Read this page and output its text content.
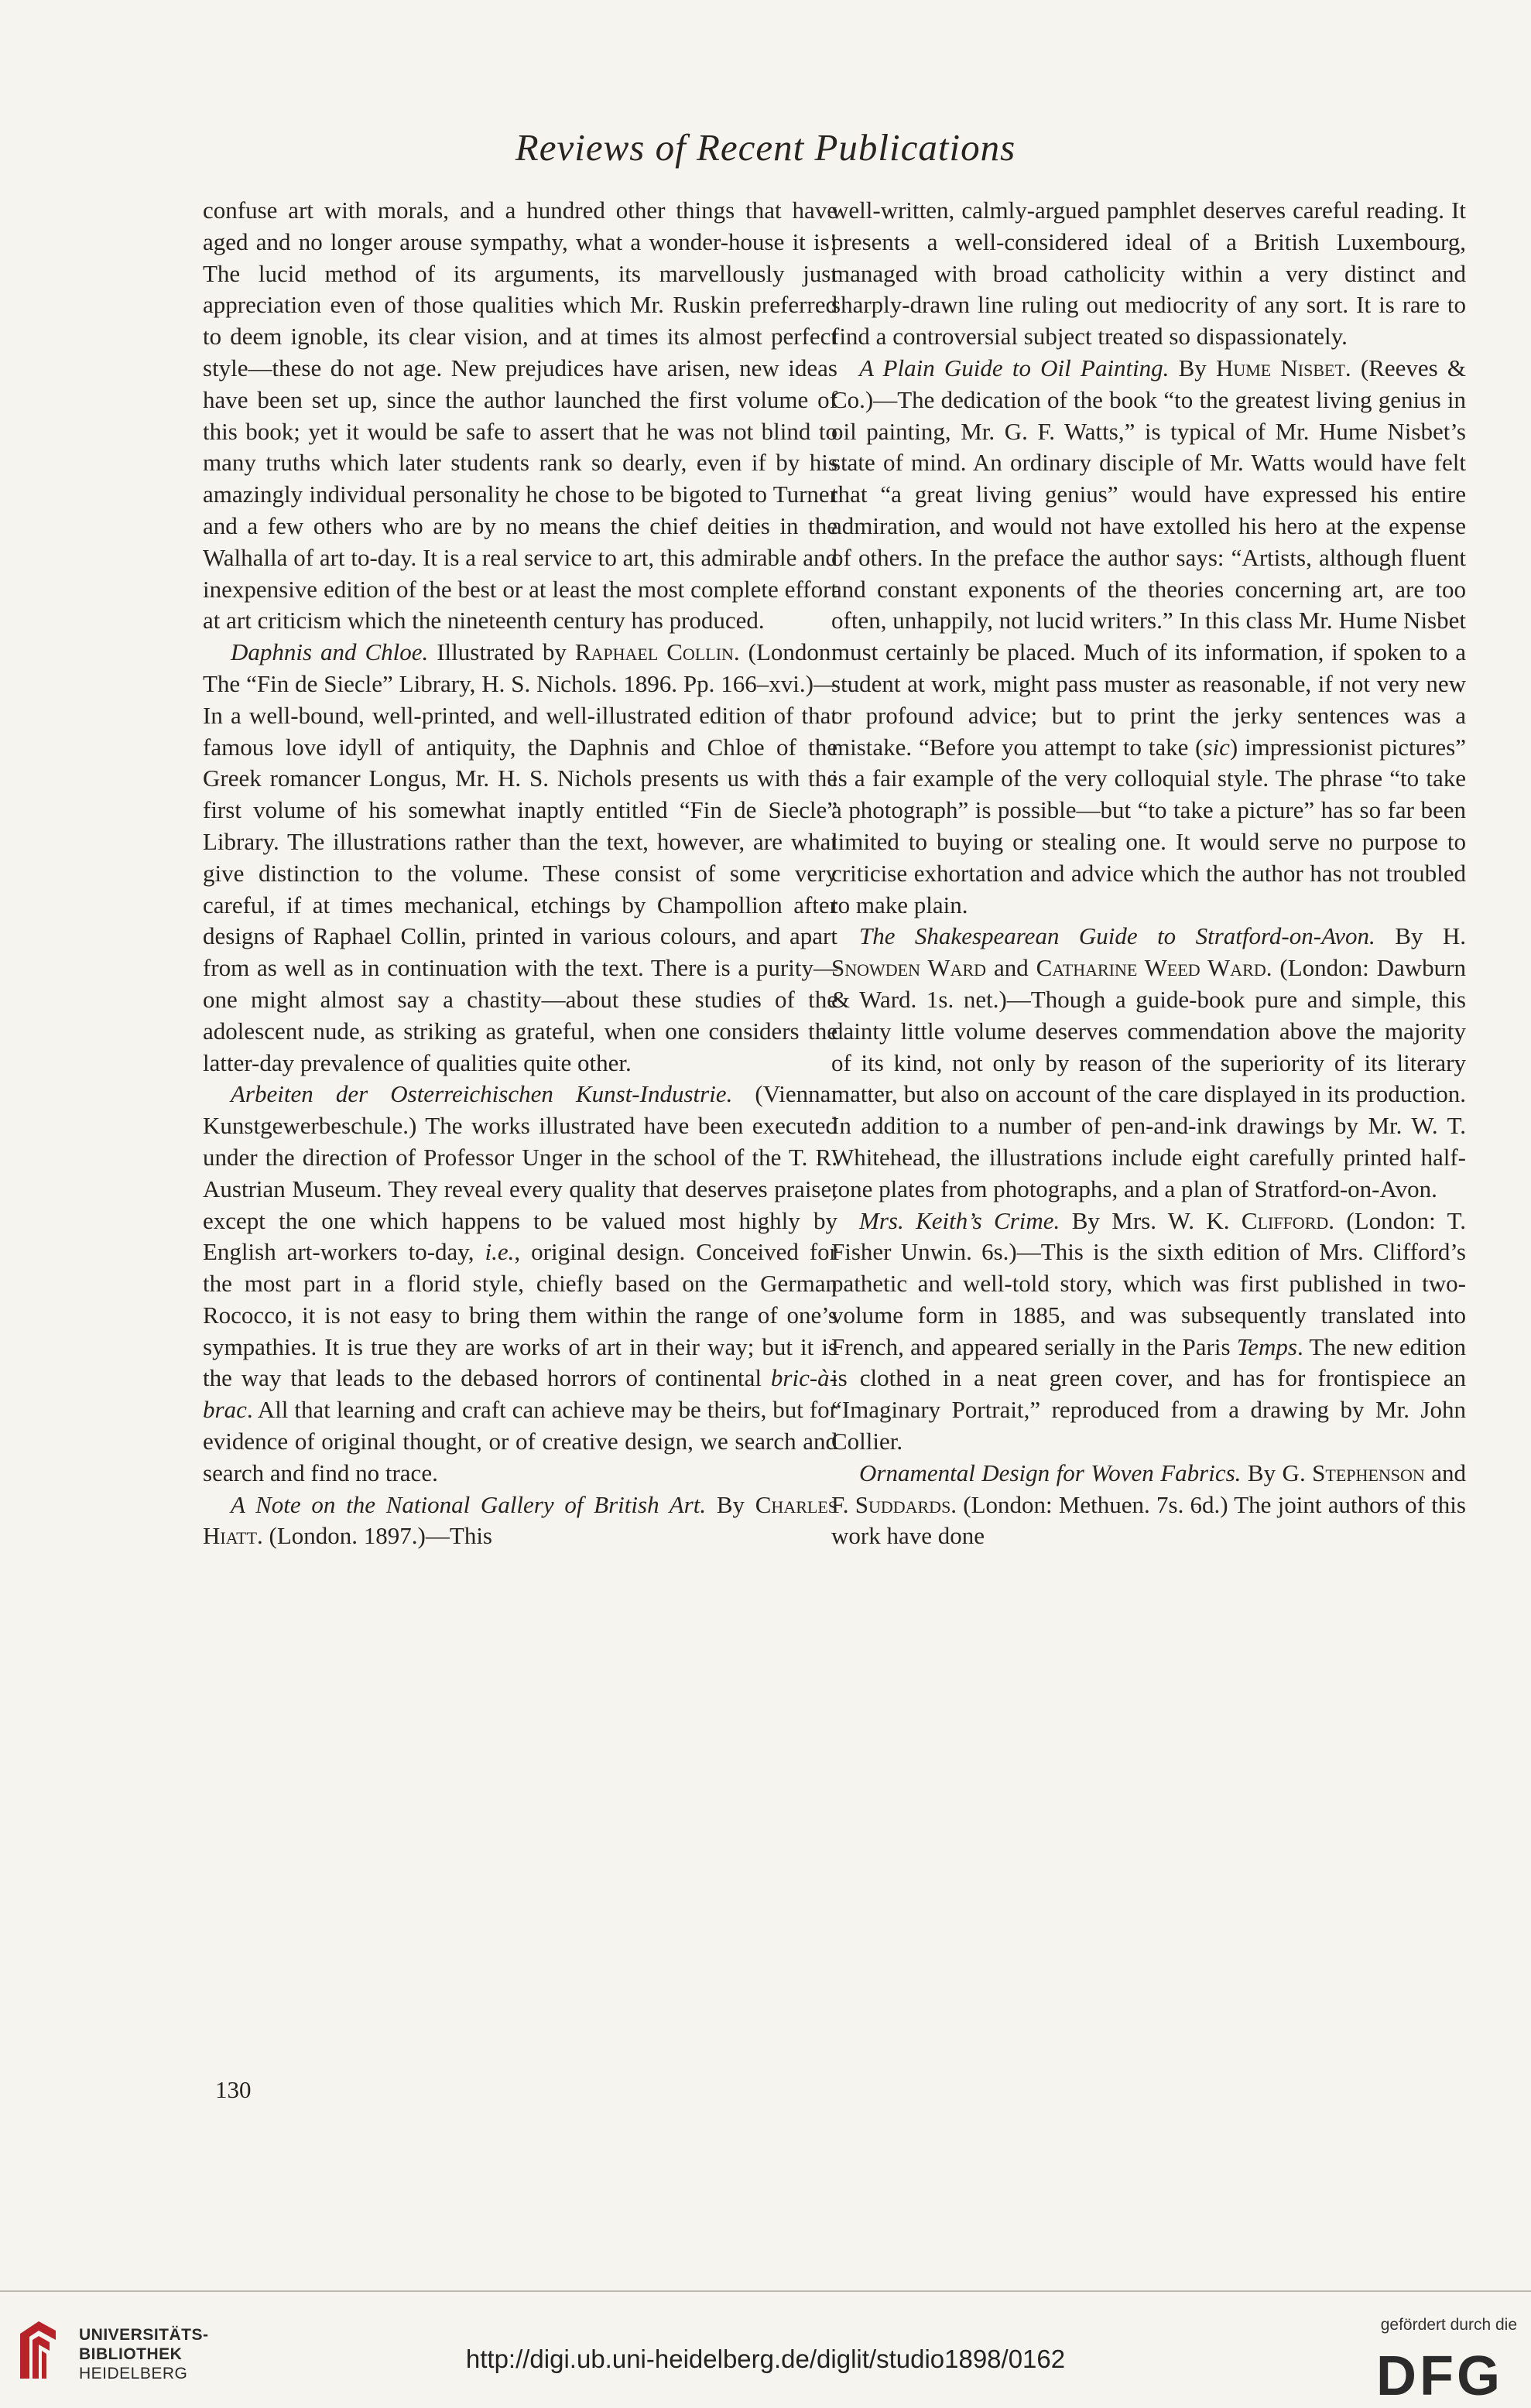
Reviews of Recent Publications

confuse art with morals, and a hundred other things that have aged and no longer arouse sympathy, what a wonder-house it is! The lucid method of its arguments, its marvellously just appreciation even of those qualities which Mr. Ruskin preferred to deem ignoble, its clear vision, and at times its almost perfect style—these do not age. New prejudices have arisen, new ideas have been set up, since the author launched the first volume of this book; yet it would be safe to assert that he was not blind to many truths which later students rank so dearly, even if by his amazingly individual personality he chose to be bigoted to Turner and a few others who are by no means the chief deities in the Walhalla of art to-day. It is a real service to art, this admirable and inexpensive edition of the best or at least the most complete effort at art criticism which the nineteenth century has produced.

Daphnis and Chloe. Illustrated by Raphael Collin. (London: The “Fin de Siecle” Library, H. S. Nichols. 1896. Pp. 166–xvi.)—In a well-bound, well-printed, and well-illustrated edition of that famous love idyll of antiquity, the Daphnis and Chloe of the Greek romancer Longus, Mr. H. S. Nichols presents us with the first volume of his somewhat inaptly entitled “Fin de Siecle” Library. The illustrations rather than the text, however, are what give distinction to the volume. These consist of some very careful, if at times mechanical, etchings by Champollion after designs of Raphael Collin, printed in various colours, and apart from as well as in continuation with the text. There is a purity—one might almost say a chastity—about these studies of the adolescent nude, as striking as grateful, when one considers the latter-day prevalence of qualities quite other.

Arbeiten der Osterreichischen Kunst-Industrie. (Vienna: Kunstgewerbeschule.) The works illustrated have been executed under the direction of Professor Unger in the school of the T. R. Austrian Museum. They reveal every quality that deserves praise, except the one which happens to be valued most highly by English art-workers to-day, i.e., original design. Conceived for the most part in a florid style, chiefly based on the German Rococco, it is not easy to bring them within the range of one’s sympathies. It is true they are works of art in their way; but it is the way that leads to the debased horrors of continental bric-à-brac. All that learning and craft can achieve may be theirs, but for evidence of original thought, or of creative design, we search and search and find no trace.

A Note on the National Gallery of British Art. By Charles Hiatt. (London. 1897.)—This

well-written, calmly-argued pamphlet deserves careful reading. It presents a well-considered ideal of a British Luxembourg, managed with broad catholicity within a very distinct and sharply-drawn line ruling out mediocrity of any sort. It is rare to find a controversial subject treated so dispassionately.

A Plain Guide to Oil Painting. By Hume Nisbet. (Reeves & Co.)—The dedication of the book “to the greatest living genius in oil painting, Mr. G. F. Watts,” is typical of Mr. Hume Nisbet’s state of mind. An ordinary disciple of Mr. Watts would have felt that “a great living genius” would have expressed his entire admiration, and would not have extolled his hero at the expense of others. In the preface the author says: “Artists, although fluent and constant exponents of the theories concerning art, are too often, unhappily, not lucid writers.” In this class Mr. Hume Nisbet must certainly be placed. Much of its information, if spoken to a student at work, might pass muster as reasonable, if not very new or profound advice; but to print the jerky sentences was a mistake. “Before you attempt to take (sic) impressionist pictures” is a fair example of the very colloquial style. The phrase “to take a photograph” is possible—but “to take a picture” has so far been limited to buying or stealing one. It would serve no purpose to criticise exhortation and advice which the author has not troubled to make plain.

The Shakespearean Guide to Stratford-on-Avon. By H. Snowden Ward and Catharine Weed Ward. (London: Dawburn & Ward. 1s. net.)—Though a guide-book pure and simple, this dainty little volume deserves commendation above the majority of its kind, not only by reason of the superiority of its literary matter, but also on account of the care displayed in its production. In addition to a number of pen-and-ink drawings by Mr. W. T. Whitehead, the illustrations include eight carefully printed half-tone plates from photographs, and a plan of Stratford-on-Avon.

Mrs. Keith’s Crime. By Mrs. W. K. Clifford. (London: T. Fisher Unwin. 6s.)—This is the sixth edition of Mrs. Clifford’s pathetic and well-told story, which was first published in two-volume form in 1885, and was subsequently translated into French, and appeared serially in the Paris Temps. The new edition is clothed in a neat green cover, and has for frontispiece an “Imaginary Portrait,” reproduced from a drawing by Mr. John Collier.

Ornamental Design for Woven Fabrics. By G. Stephenson and F. Suddards. (London: Methuen. 7s. 6d.) The joint authors of this work have done

130
UNIVERSITÄTS-
BIBLIOTHEK
HEIDELBERG
http://digi.ub.uni-heidelberg.de/diglit/studio1898/0162
gefördert durch die
DFG
